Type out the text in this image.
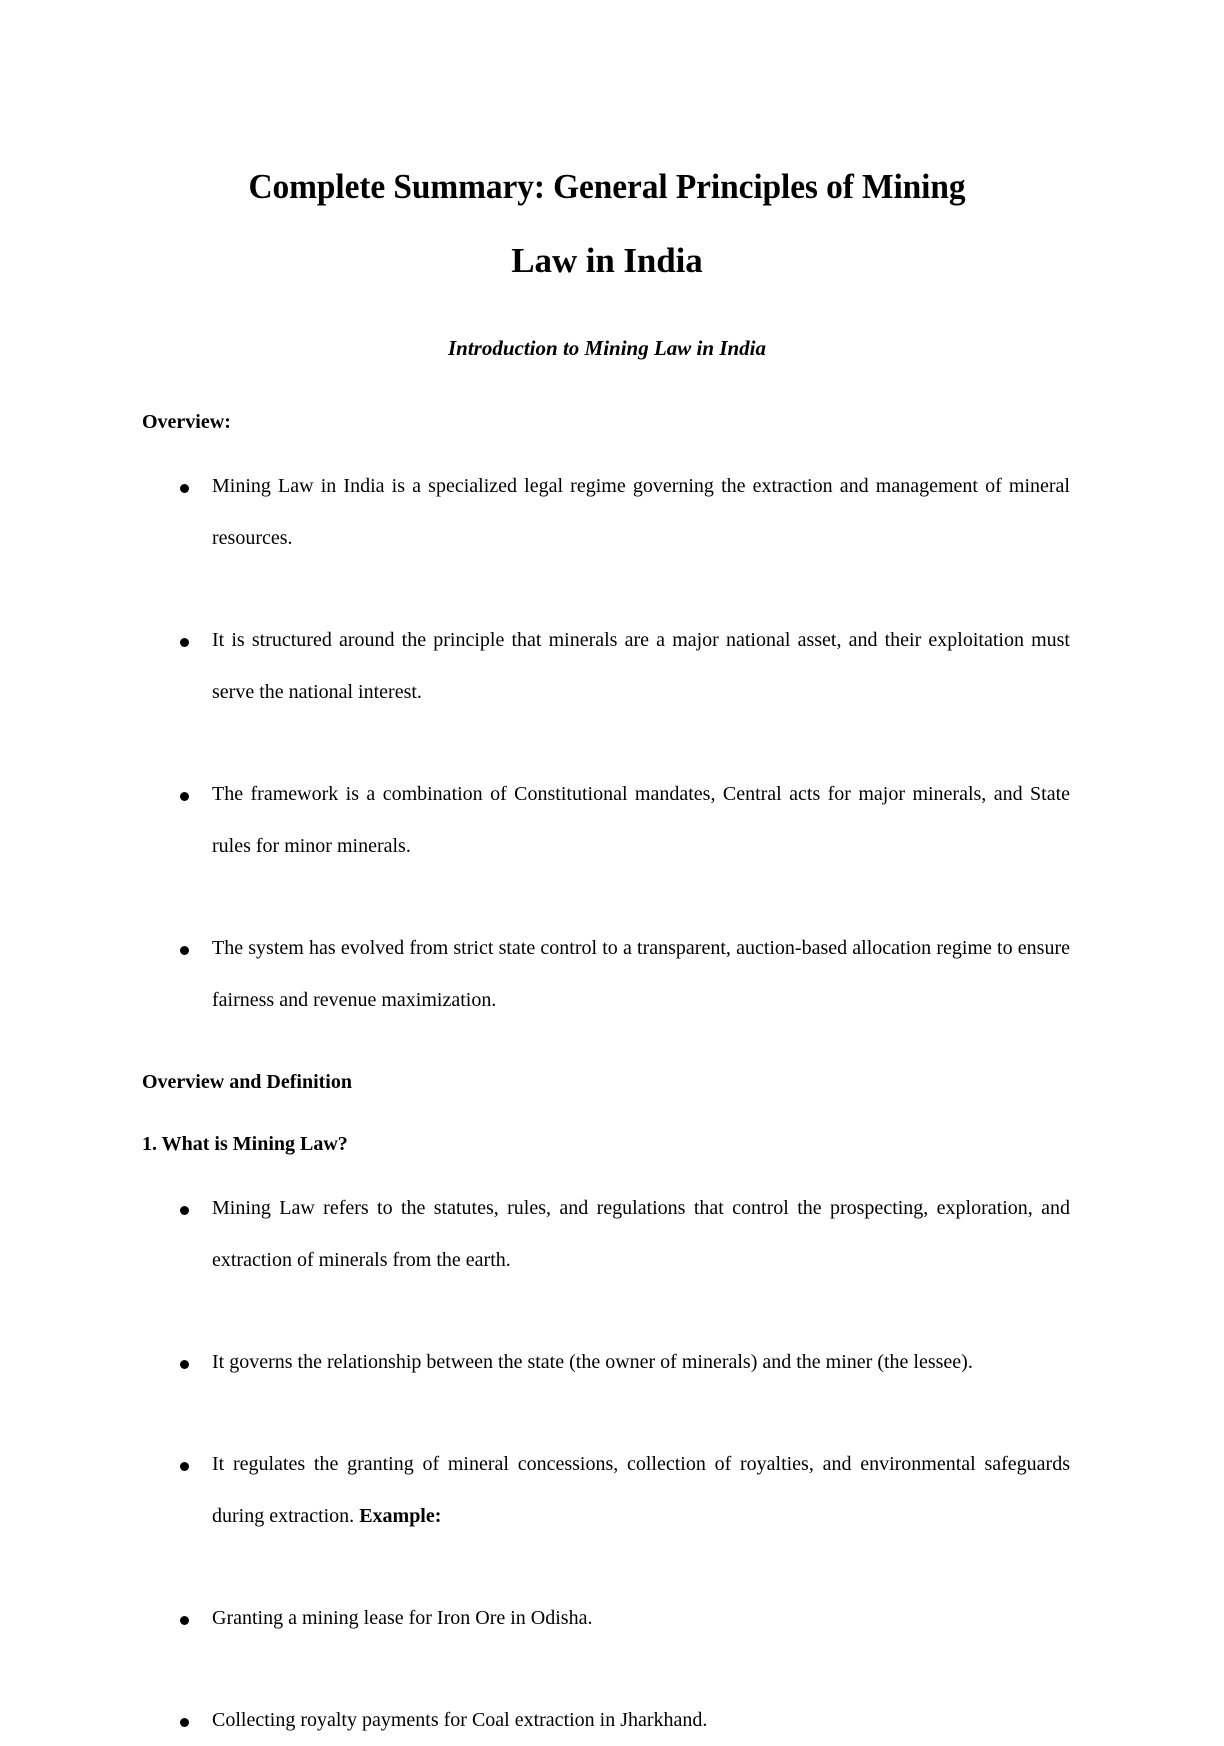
Complete Summary: General Principles of Mining
Law in India
Introduction to Mining Law in India
Overview:
Mining Law in India is a specialized legal regime governing the extraction and management of mineral resources.
It is structured around the principle that minerals are a major national asset, and their exploitation must serve the national interest.
The framework is a combination of Constitutional mandates, Central acts for major minerals, and State rules for minor minerals.
The system has evolved from strict state control to a transparent, auction-based allocation regime to ensure fairness and revenue maximization.
Overview and Definition
1. What is Mining Law?
Mining Law refers to the statutes, rules, and regulations that control the prospecting, exploration, and extraction of minerals from the earth.
It governs the relationship between the state (the owner of minerals) and the miner (the lessee).
It regulates the granting of mineral concessions, collection of royalties, and environmental safeguards during extraction. Example:
Granting a mining lease for Iron Ore in Odisha.
Collecting royalty payments for Coal extraction in Jharkhand.
